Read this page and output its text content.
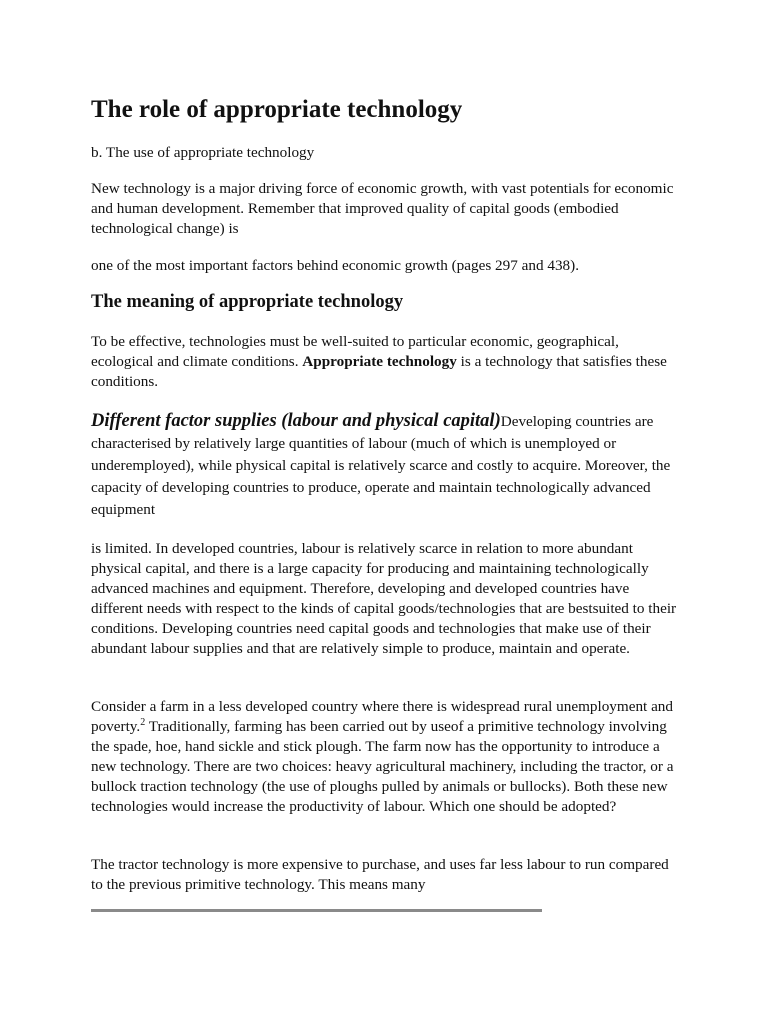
The role of appropriate technology

b. The use of appropriate technology

New technology is a major driving force of economic growth, with vast potentials for economic and human development. Remember that improved quality of capital goods (embodied technological change) is

one of the most important factors behind economic growth (pages 297 and 438).

The meaning of appropriate technology

To be effective, technologies must be well-suited to particular economic, geographical, ecological and climate conditions. Appropriate technology is a technology that satisfies these conditions.

Different factor supplies (labour and physical capital)Developing countries are characterised by relatively large quantities of labour (much of which is unemployed or underemployed), while physical capital is relatively scarce and costly to acquire. Moreover, the capacity of developing countries to produce, operate and maintain technologically advanced equipment

is limited. In developed countries, labour is relatively scarce in relation to more abundant physical capital, and there is a large capacity for producing and maintaining technologically advanced machines and equipment. Therefore, developing and developed countries have different needs with respect to the kinds of capital goods/technologies that are bestsuited to their conditions. Developing countries need capital goods and technologies that make use of their abundant labour supplies and that are relatively simple to produce, maintain and operate.

Consider a farm in a less developed country where there is widespread rural unemployment and poverty.$^2$ Traditionally, farming has been carried out by useof a primitive technology involving the spade, hoe, hand sickle and stick plough. The farm now has the opportunity to introduce a new technology. There are two choices: heavy agricultural machinery, including the tractor, or a bullock traction technology (the use of ploughs pulled by animals or bullocks). Both these new technologies would increase the productivity of labour. Which one should be adopted?

The tractor technology is more expensive to purchase, and uses far less labour to run compared to the previous primitive technology. This means many
